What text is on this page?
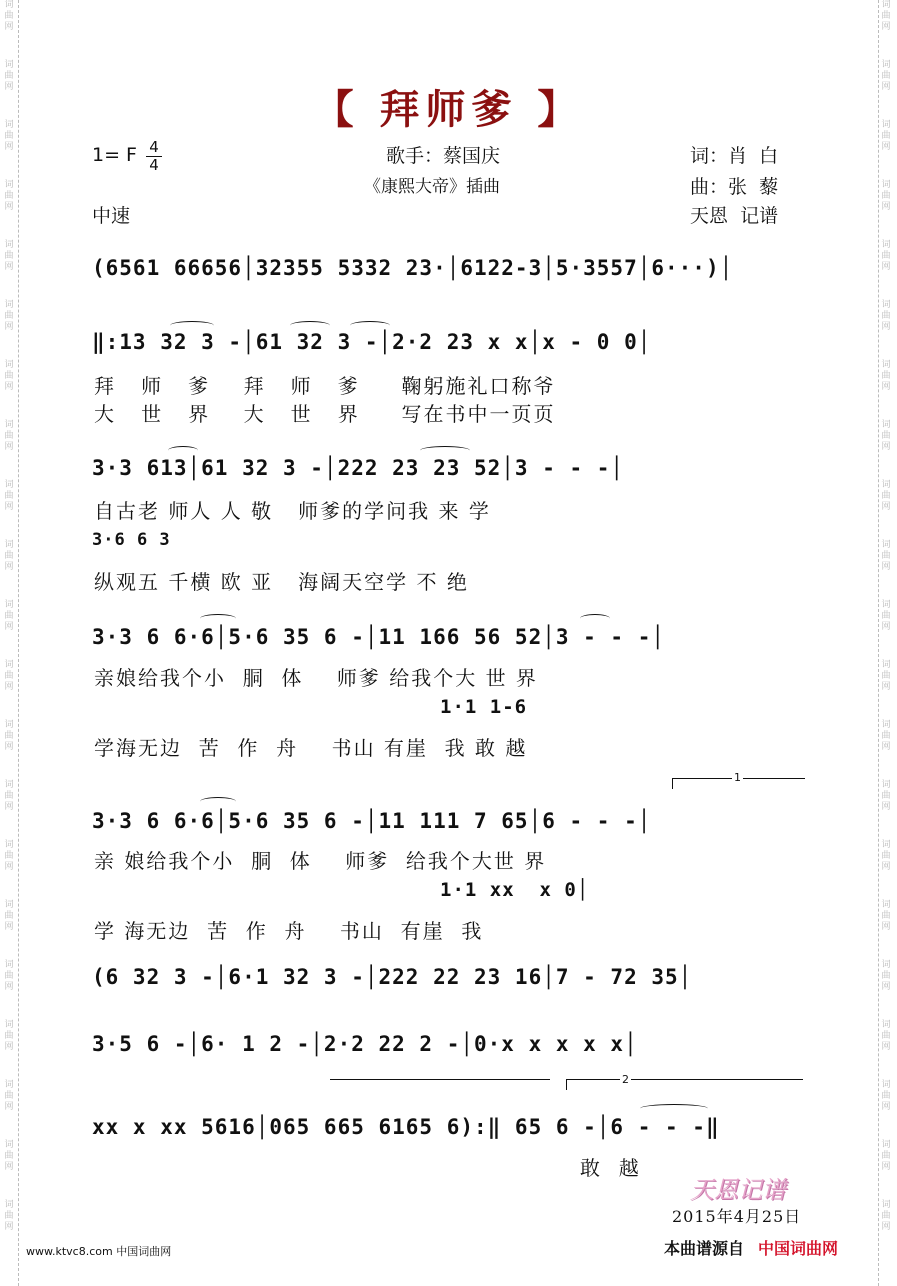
词
曲
网
词
曲
网
词
曲
网
词
曲
网
词
曲
网
词
曲
网
词
曲
网
词
曲
网
词
曲
网
词
曲
网
词
曲
网
词
曲
网
词
曲
网
词
曲
网
词
曲
网
词
曲
网
词
曲
网
词
曲
网
词
曲
网
词
曲
网
词
曲
网
词
曲
网
词
曲
网
词
曲
网
词
曲
网
词
曲
网
词
曲
网
词
曲
网
词
曲
网
词
曲
网
词
曲
网
词
曲
网
词
曲
网
词
曲
网
词
曲
网
词
曲
网
词
曲
网
词
曲
网
词
曲
网
词
曲
网
词
曲
网
词
曲
网
【 拜师爹 】
1= F 4
4	歌手：蔡国庆
《康熙大帝》插曲
中速
词：肖  白
曲：张  藜
天恩  记谱
(6561 66656│32355 5332 23·│6122-3│5·3557│6···)│
‖:13 32 3 -│61 32 3 -│2·2 23 x x│x - 0 0│
拜   师   爹    拜   师   爹     鞠躬施礼口称爷
大   世   界    大   世   界     写在书中一页页
3·3 613│61 32 3 -│222 23 23 52│3 - - -│
自古老 师人 人 敬   师爹的学问我 来 学
3·6 6 3
纵观五 千横 欧 亚   海阔天空学 不 绝
3·3 6 6·6│5·6 35 6 -│11 166 56 52│3 - - -│
亲娘给我个小  胴  体    师爹 给我个大 世 界
1·1 1-6
学海无边  苦  作  舟    书山 有崖  我 敢 越
1
3·3 6 6·6│5·6 35 6 -│11 111 7 65│6 - - -│
亲 娘给我个小  胴  体    师爹  给我个大世 界
1·1 xx  x 0│
学 海无边  苦  作  舟    书山  有崖  我
(6 32 3 -│6·1 32 3 -│222 22 23 16│7 - 72 35│
3·5 6 -│6· 1 2 -│2·2 22 2 -│0·x x x x x│
2
xx x xx 5616│065 665 6165 6):‖ 65 6 -│6 - - -‖
敢  越
天恩记谱
2015年4月25日
www.ktvc8.com 中国词曲网	本曲谱源自 中国词曲网
